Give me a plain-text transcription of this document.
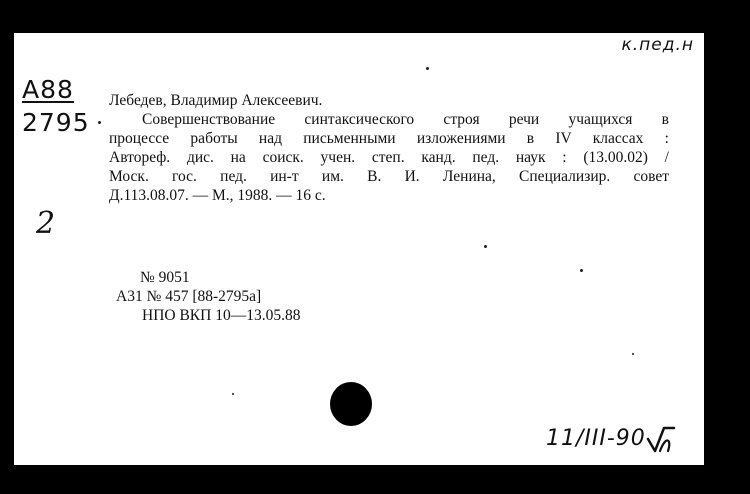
к.пед.н
А88
2795
2
Лебедев, Владимир Алексеевич.
Совершенствование синтаксического строя речи учащихся в
процессе работы над письменными изложениями в IV классах :
Автореф. дис. на соиск. учен. степ. канд. пед. наук : (13.00.02) /
Моск. гос. пед. ин-т им. В. И. Ленина, Специализир. совет
Д.113.08.07. — М., 1988. — 16 с.
№ 9051
А31 № 457 [88-2795а]
НПО ВКП 10—13.05.88
11/III-90
